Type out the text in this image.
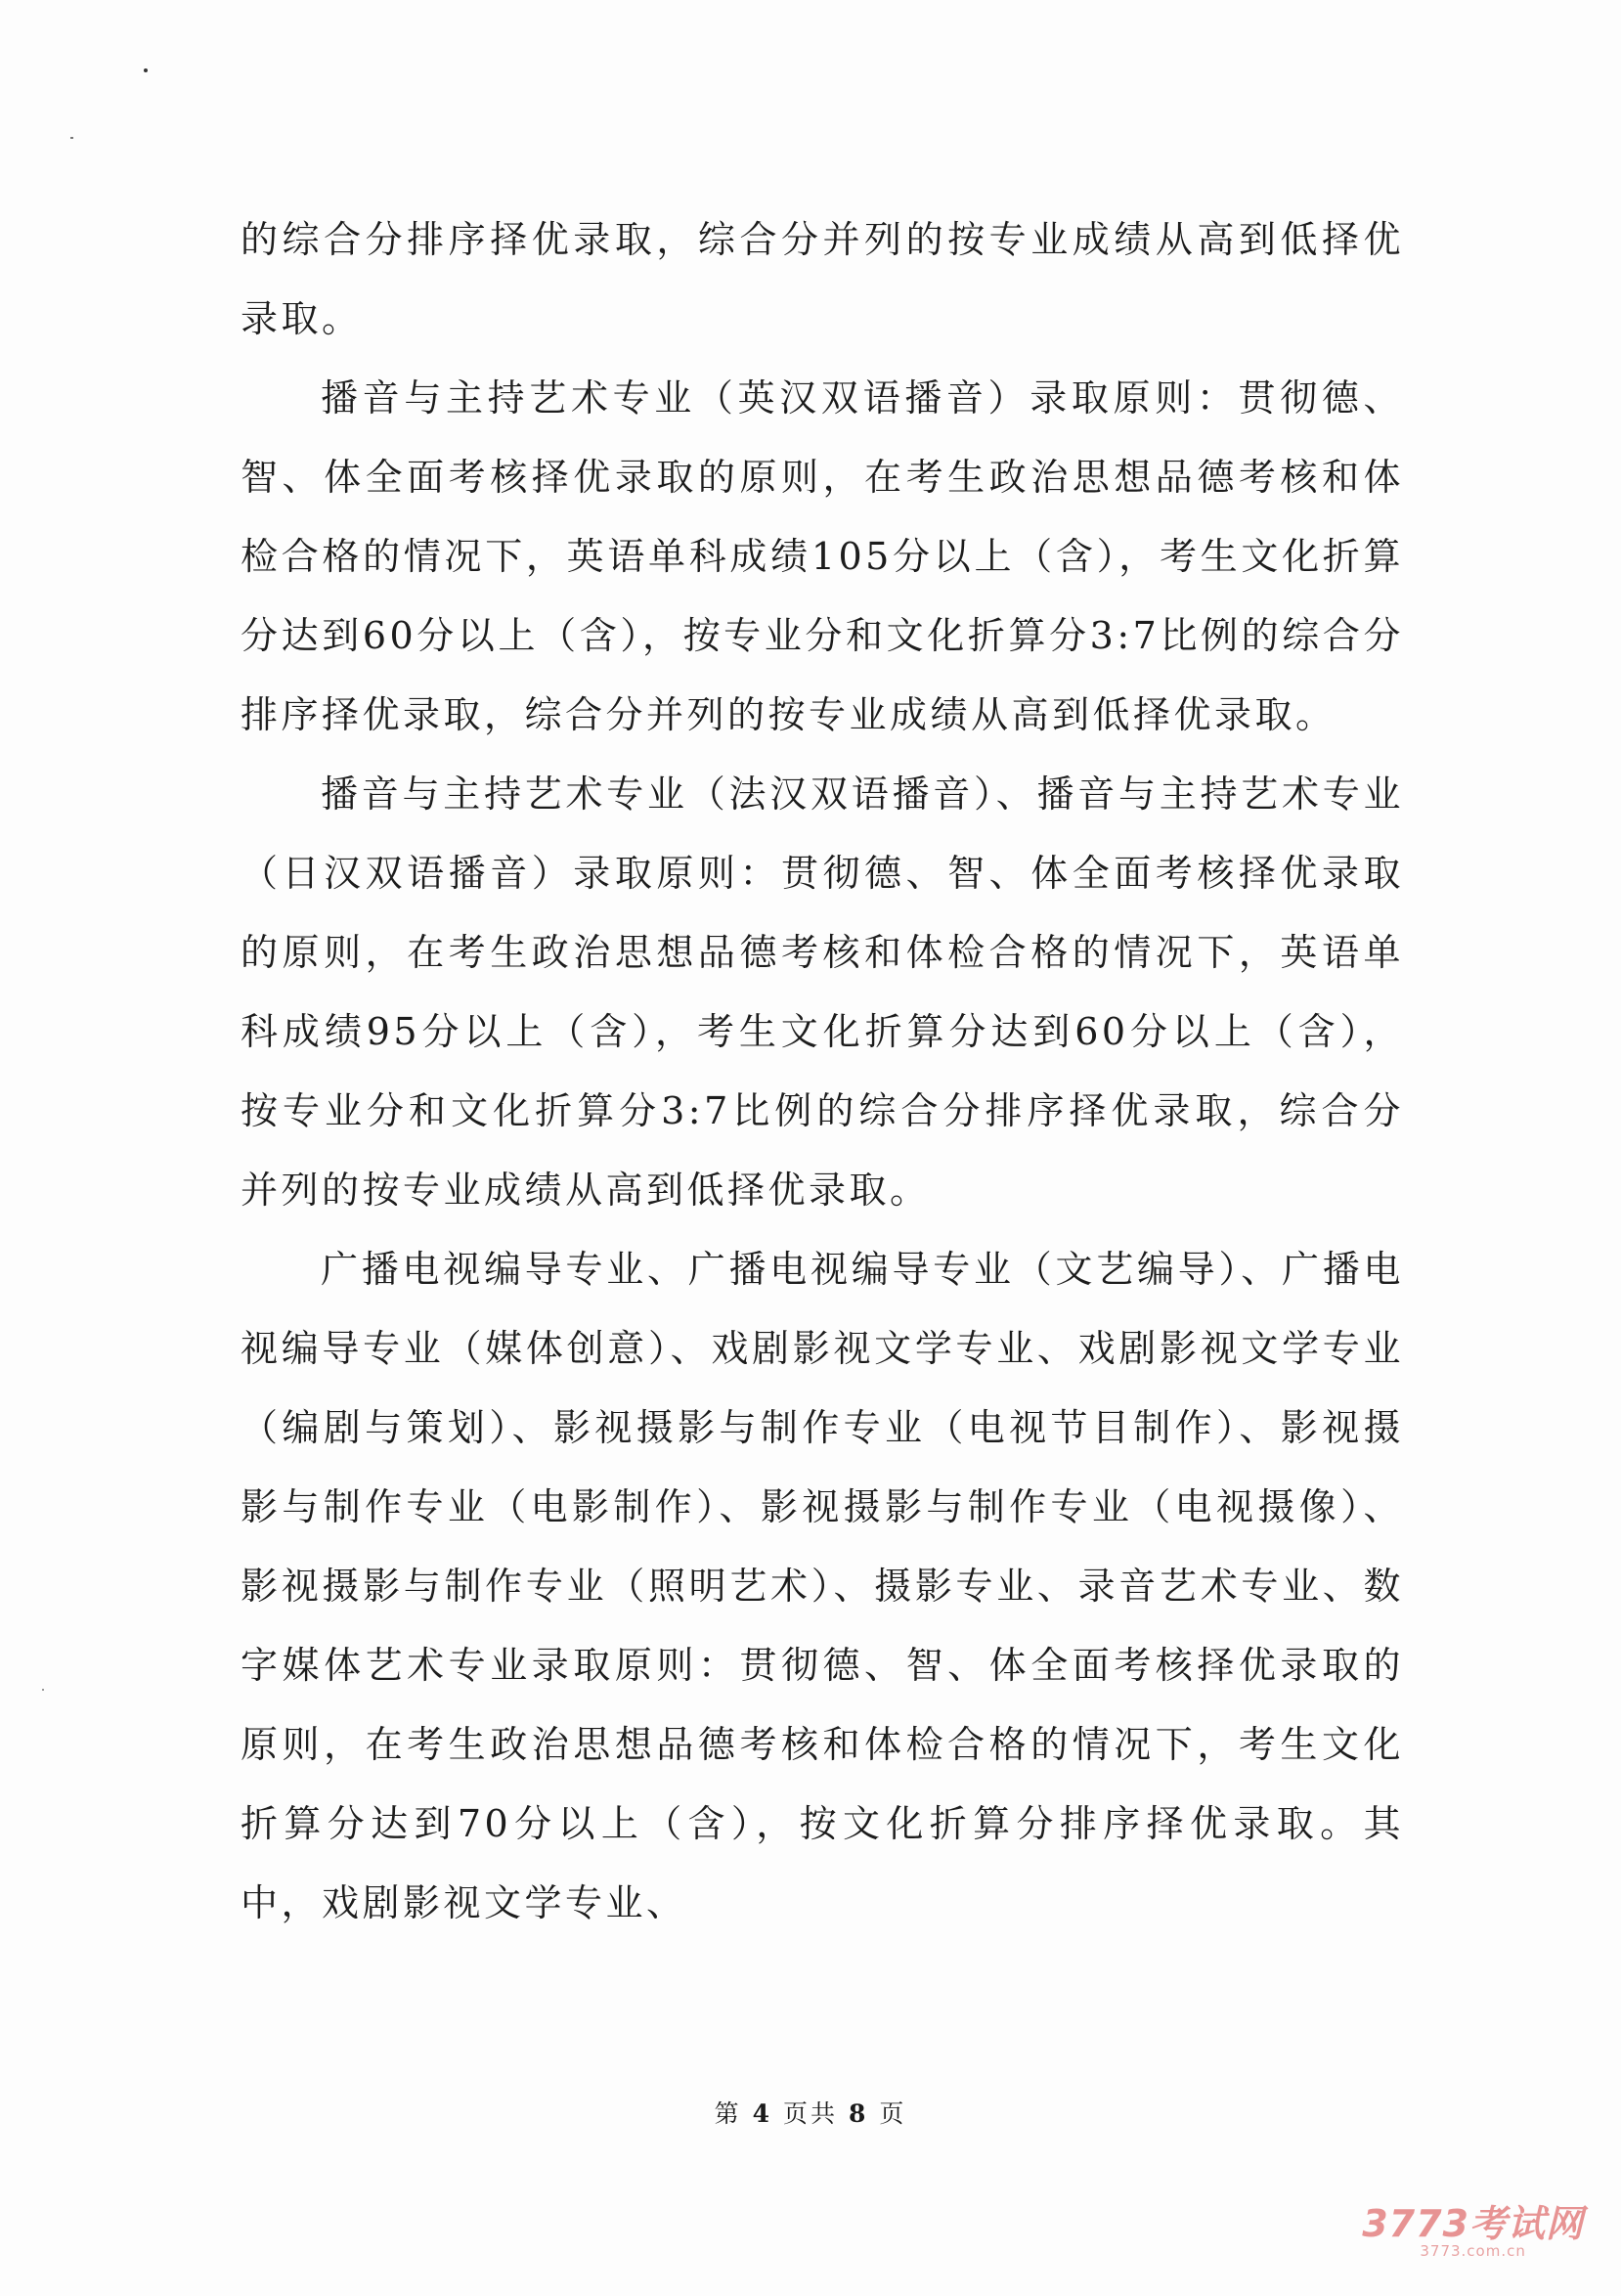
的综合分排序择优录取，综合分并列的按专业成绩从高到低择优录取。

播音与主持艺术专业（英汉双语播音）录取原则：贯彻德、智、体全面考核择优录取的原则，在考生政治思想品德考核和体检合格的情况下，英语单科成绩105分以上（含），考生文化折算分达到60分以上（含），按专业分和文化折算分3:7比例的综合分排序择优录取，综合分并列的按专业成绩从高到低择优录取。

播音与主持艺术专业（法汉双语播音）、播音与主持艺术专业（日汉双语播音）录取原则：贯彻德、智、体全面考核择优录取的原则，在考生政治思想品德考核和体检合格的情况下，英语单科成绩95分以上（含），考生文化折算分达到60分以上（含），按专业分和文化折算分3:7比例的综合分排序择优录取，综合分并列的按专业成绩从高到低择优录取。

广播电视编导专业、广播电视编导专业（文艺编导）、广播电视编导专业（媒体创意）、戏剧影视文学专业、戏剧影视文学专业（编剧与策划）、影视摄影与制作专业（电视节目制作）、影视摄影与制作专业（电影制作）、影视摄影与制作专业（电视摄像）、影视摄影与制作专业（照明艺术）、摄影专业、录音艺术专业、数字媒体艺术专业录取原则：贯彻德、智、体全面考核择优录取的原则，在考生政治思想品德考核和体检合格的情况下，考生文化折算分达到70分以上（含），按文化折算分排序择优录取。其中，戏剧影视文学专业、

第 4 页共 8 页
3773考试网
3773.com.cn
